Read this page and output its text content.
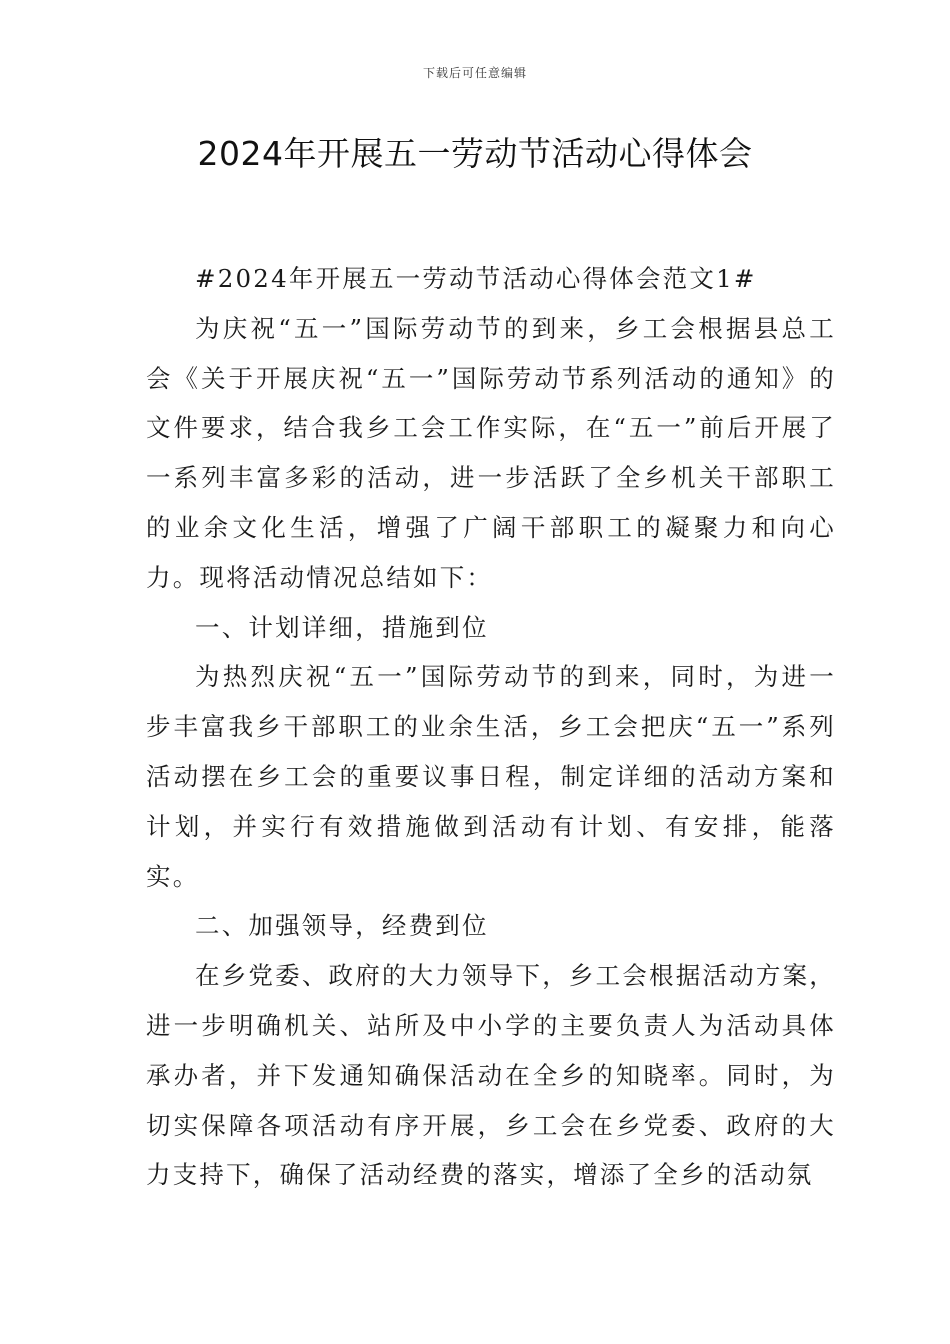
下载后可任意编辑
2024年开展五一劳动节活动心得体会

#2024年开展五一劳动节活动心得体会范文1#

为庆祝“五一”国际劳动节的到来，乡工会根据县总工会《关于开展庆祝“五一”国际劳动节系列活动的通知》的文件要求，结合我乡工会工作实际，在“五一”前后开展了一系列丰富多彩的活动，进一步活跃了全乡机关干部职工的业余文化生活，增强了广阔干部职工的凝聚力和向心力。现将活动情况总结如下：

一、计划详细，措施到位

为热烈庆祝“五一”国际劳动节的到来，同时，为进一步丰富我乡干部职工的业余生活，乡工会把庆“五一”系列活动摆在乡工会的重要议事日程，制定详细的活动方案和计划，并实行有效措施做到活动有计划、有安排，能落实。

二、加强领导，经费到位

在乡党委、政府的大力领导下，乡工会根据活动方案，进一步明确机关、站所及中小学的主要负责人为活动具体承办者，并下发通知确保活动在全乡的知晓率。同时，为切实保障各项活动有序开展，乡工会在乡党委、政府的大力支持下，确保了活动经费的落实，增添了全乡的活动氛
